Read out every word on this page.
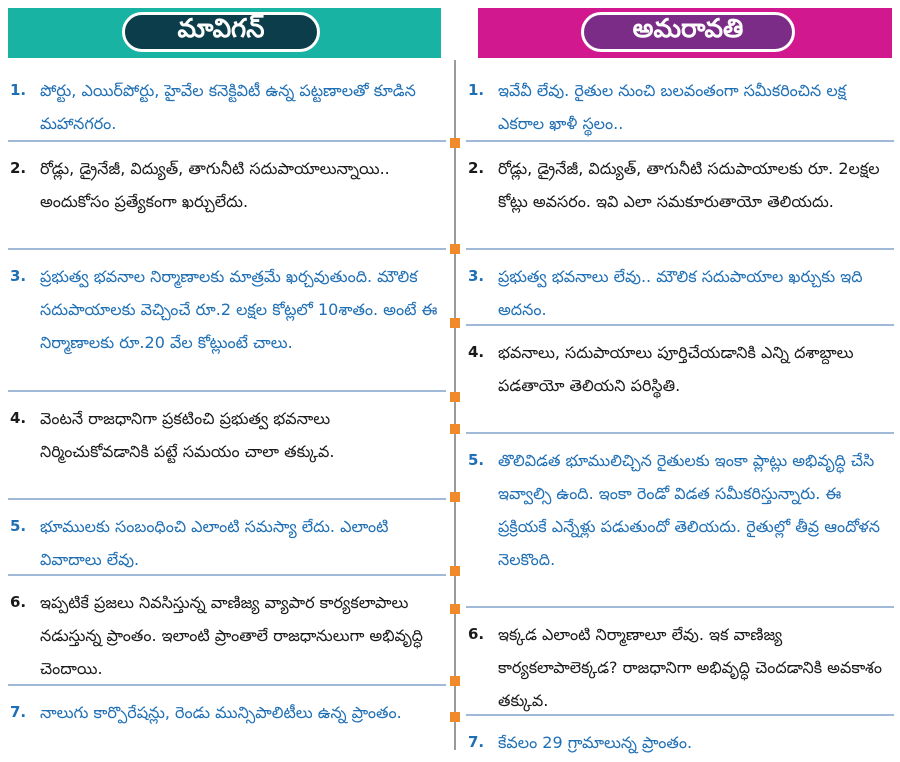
మావిగన్	అమరావతి
1. పోర్టు, ఎయిర్‌పోర్టు, హైవేల కనెక్టివిటీ ఉన్న పట్టణాలతో కూడిన మహానగరం.
2. రోడ్లు, డ్రైనేజీ, విద్యుత్, తాగునీటి సదుపాయాలున్నాయి.. అందుకోసం ప్రత్యేకంగా ఖర్చులేదు.
3. ప్రభుత్వ భవనాల నిర్మాణాలకు మాత్రమే ఖర్చవుతుంది. మౌలిక సదుపాయాలకు వెచ్చించే రూ.2 లక్షల కోట్లలో 10శాతం. అంటే ఈ నిర్మాణాలకు రూ.20 వేల కోట్లుంటే చాలు.
4. వెంటనే రాజధానిగా ప్రకటించి ప్రభుత్వ భవనాలు నిర్మించుకోవడానికి పట్టే సమయం చాలా తక్కువ.
5. భూములకు సంబంధించి ఎలాంటి సమస్యా లేదు. ఎలాంటి వివాదాలు లేవు.
6. ఇప్పటికే ప్రజలు నివసిస్తున్న వాణిజ్య వ్యాపార కార్యకలాపాలు నడుస్తున్న ప్రాంతం. ఇలాంటి ప్రాంతాలే రాజధానులుగా అభివృద్ధి చెందాయి.
7. నాలుగు కార్పొరేషన్లు, రెండు మున్సిపాలిటీలు ఉన్న ప్రాంతం.
1. ఇవేవీ లేవు. రైతుల నుంచి బలవంతంగా సమీకరించిన లక్ష ఎకరాల ఖాళీ స్థలం..
2. రోడ్లు, డ్రైనేజీ, విద్యుత్, తాగునీటి సదుపాయాలకు రూ. 2లక్షల కోట్లు అవసరం. ఇవి ఎలా సమకూరుతాయో తెలియదు.
3. ప్రభుత్వ భవనాలు లేవు.. మౌలిక సదుపాయాల ఖర్చుకు ఇది అదనం.
4. భవనాలు, సదుపాయాలు పూర్తిచేయడానికి ఎన్ని దశాబ్దాలు పడతాయో తెలియని పరిస్థితి.
5. తొలివిడత భూములిచ్చిన రైతులకు ఇంకా ప్లాట్లు అభివృద్ధి చేసి ఇవ్వాల్సి ఉంది. ఇంకా రెండో విడత సమీకరిస్తున్నారు. ఈ ప్రక్రియకే ఎన్నేళ్లు పడుతుందో తెలియదు. రైతుల్లో తీవ్ర ఆందోళన నెలకొంది.
6. ఇక్కడ ఎలాంటి నిర్మాణాలూ లేవు. ఇక వాణిజ్య కార్యకలాపాలెక్కడ? రాజధానిగా అభివృద్ధి చెందడానికి అవకాశం తక్కువ.
7. కేవలం 29 గ్రామాలున్న ప్రాంతం.
